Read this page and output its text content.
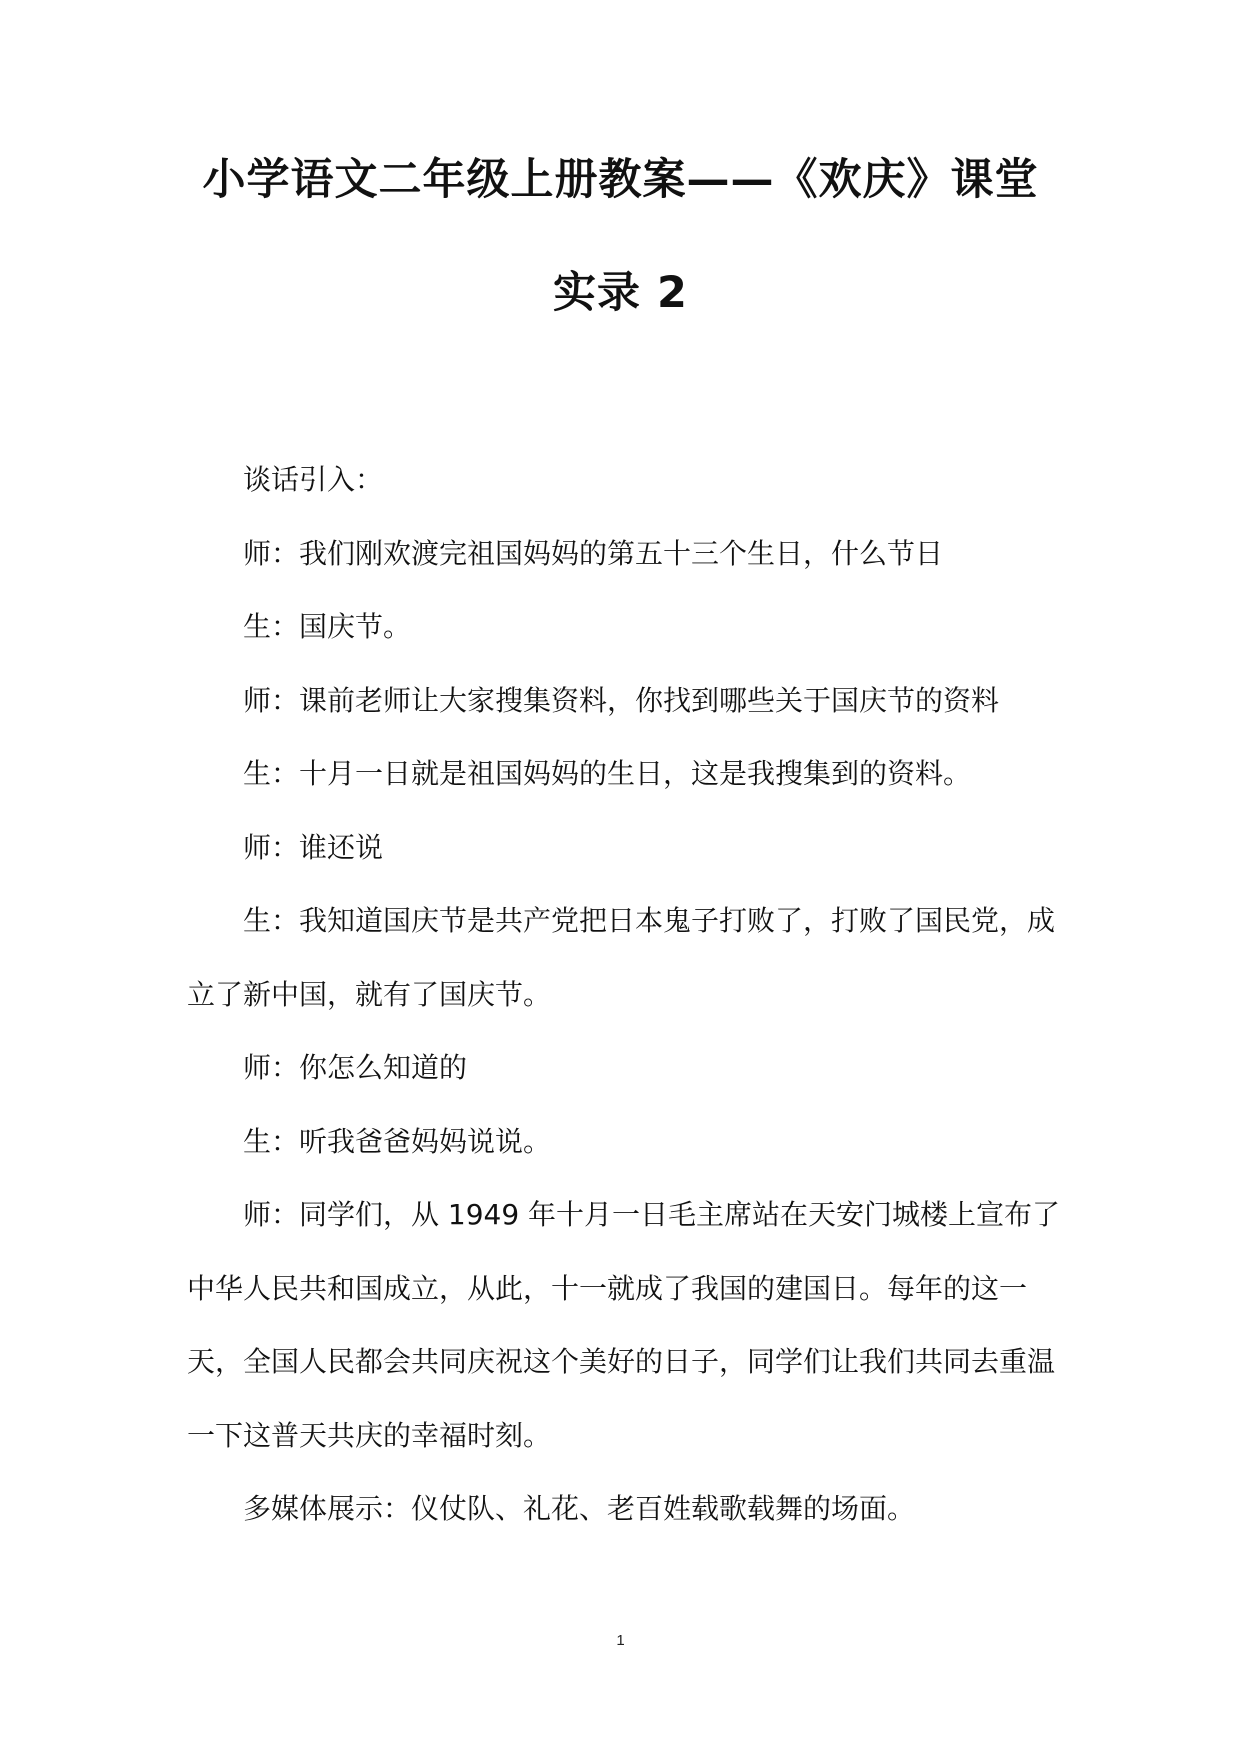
小学语文二年级上册教案——《欢庆》课堂
实录 2

谈话引入：

师：我们刚欢渡完祖国妈妈的第五十三个生日，什么节日

生：国庆节。

师：课前老师让大家搜集资料，你找到哪些关于国庆节的资料

生：十月一日就是祖国妈妈的生日，这是我搜集到的资料。

师：谁还说

生：我知道国庆节是共产党把日本鬼子打败了，打败了国民党，成立了新中国，就有了国庆节。

师：你怎么知道的

生：听我爸爸妈妈说说。

师：同学们，从 1949 年十月一日毛主席站在天安门城楼上宣布了中华人民共和国成立，从此，十一就成了我国的建国日。每年的这一天，全国人民都会共同庆祝这个美好的日子，同学们让我们共同去重温一下这普天共庆的幸福时刻。

多媒体展示：仪仗队、礼花、老百姓载歌载舞的场面。

1
